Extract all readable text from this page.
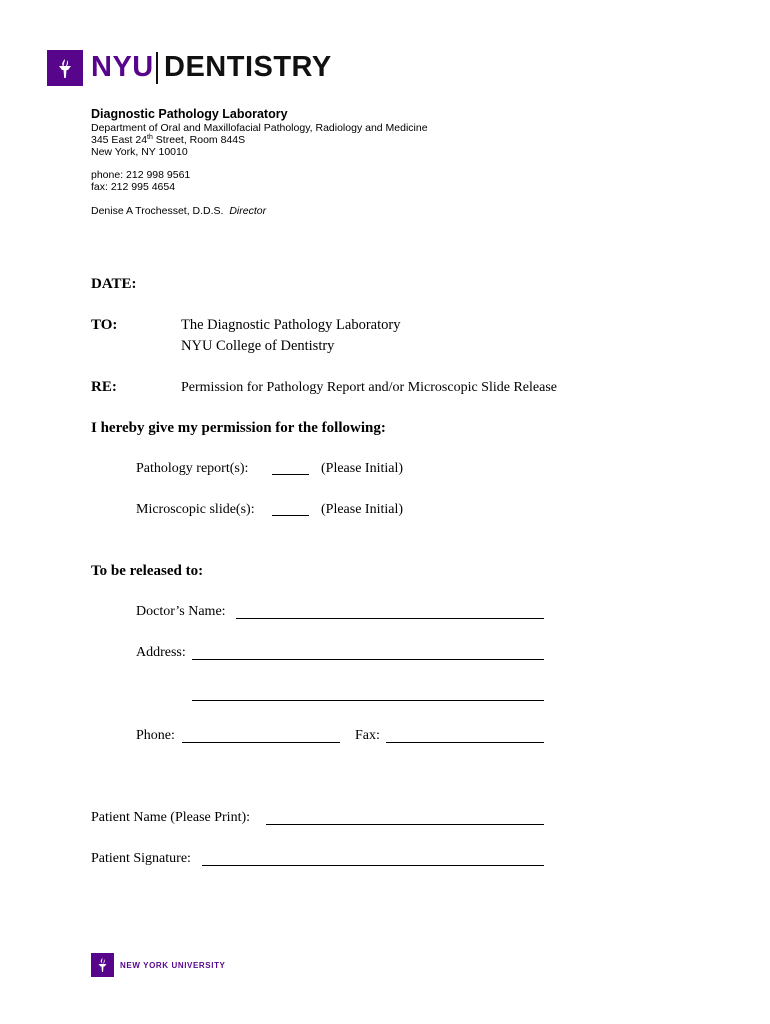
NYU DENTISTRY
Diagnostic Pathology Laboratory
Department of Oral and Maxillofacial Pathology, Radiology and Medicine
345 East 24th Street, Room 844S
New York, NY 10010
phone: 212 998 9561
fax: 212 995 4654
Denise A Trochesset, D.D.S. Director
DATE:
TO:	The Diagnostic Pathology Laboratory
NYU College of Dentistry
RE:	Permission for Pathology Report and/or Microscopic Slide Release
I hereby give my permission for the following:
Pathology report(s):	(Please Initial)
Microscopic slide(s):	(Please Initial)
To be released to:
Doctor’s Name:
Address:
Phone:	Fax:
Patient Name (Please Print):
Patient Signature:
NEW YORK UNIVERSITY
